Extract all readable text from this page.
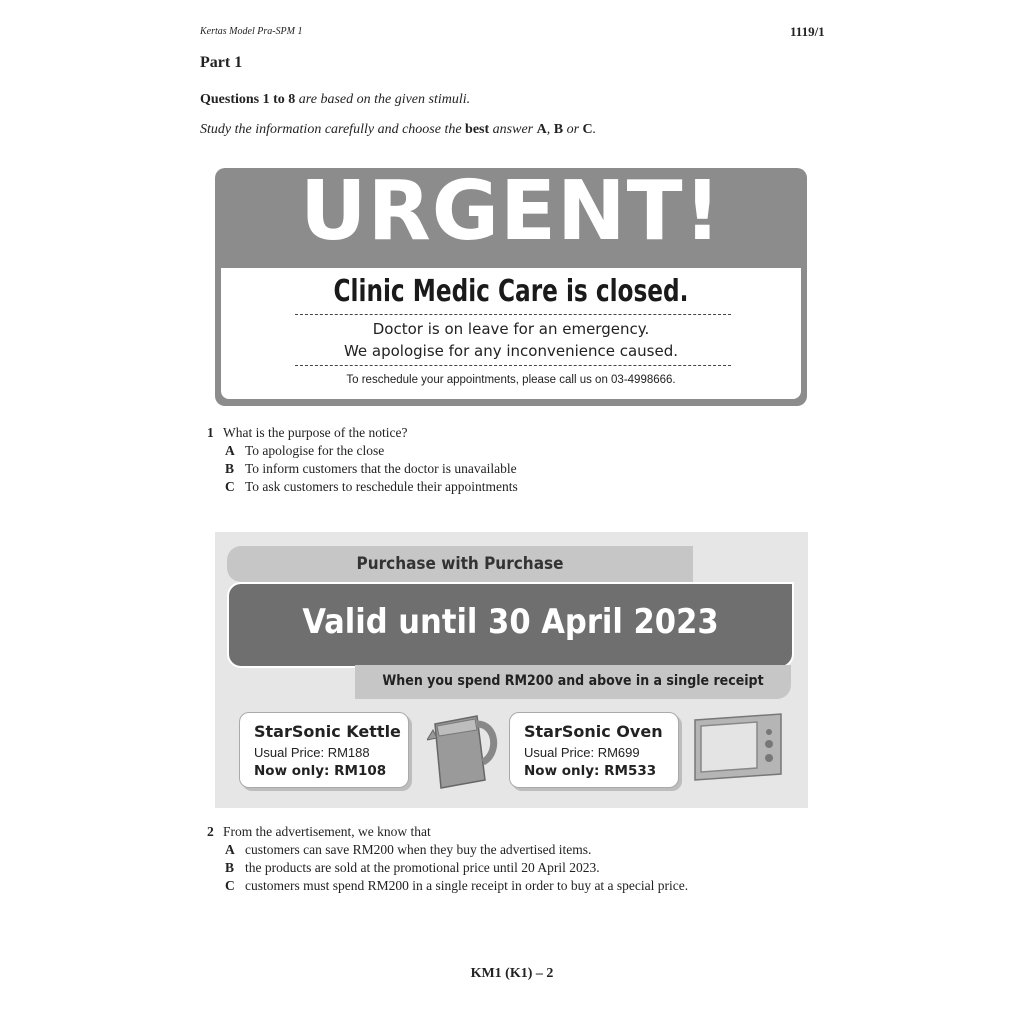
Kertas Model Pra-SPM 1	1119/1
Part 1
Questions 1 to 8 are based on the given stimuli.
Study the information carefully and choose the best answer A, B or C.
URGENT!
Clinic Medic Care is closed.
Doctor is on leave for an emergency.
We apologise for any inconvenience caused.
To reschedule your appointments, please call us on 03-4998666.
1 What is the purpose of the notice?
A To apologise for the close
B To inform customers that the doctor is unavailable
C To ask customers to reschedule their appointments
Purchase with Purchase
Valid until 30 April 2023
When you spend RM200 and above in a single receipt
StarSonic Kettle
Usual Price: RM188
Now only: RM108
StarSonic Oven
Usual Price: RM699
Now only: RM533
2 From the advertisement, we know that
A customers can save RM200 when they buy the advertised items.
B the products are sold at the promotional price until 20 April 2023.
C customers must spend RM200 in a single receipt in order to buy at a special price.
KM1 (K1) – 2
